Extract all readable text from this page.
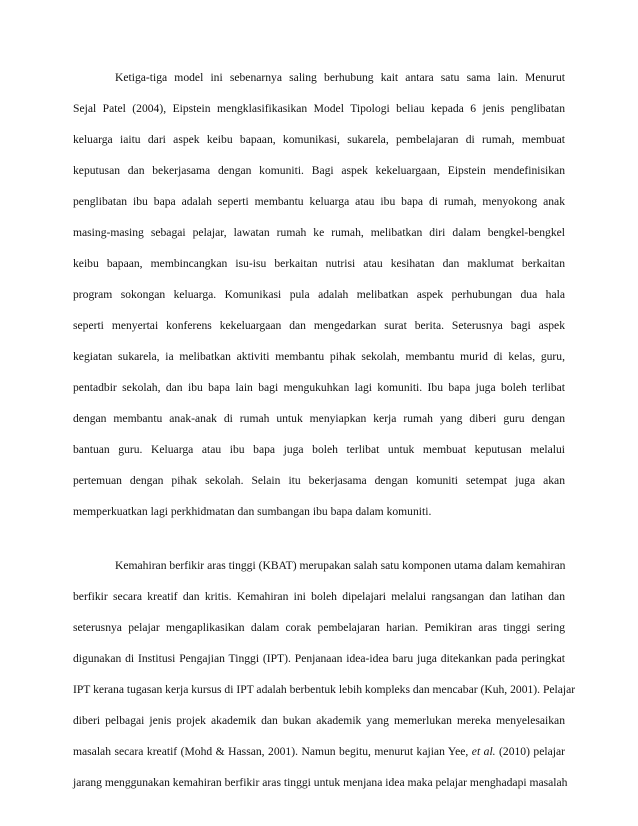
Ketiga-tiga model ini sebenarnya saling berhubung kait antara satu sama lain. Menurut
Sejal Patel (2004), Eipstein mengklasifikasikan Model Tipologi beliau kepada 6 jenis penglibatan
keluarga iaitu dari aspek keibu bapaan, komunikasi, sukarela, pembelajaran di rumah, membuat
keputusan dan bekerjasama dengan komuniti. Bagi aspek kekeluargaan, Eipstein mendefinisikan
penglibatan ibu bapa adalah seperti membantu keluarga atau ibu bapa di rumah, menyokong anak
masing-masing sebagai pelajar, lawatan rumah ke rumah, melibatkan diri dalam bengkel-bengkel
keibu bapaan, membincangkan isu-isu berkaitan nutrisi atau kesihatan dan maklumat berkaitan
program sokongan keluarga. Komunikasi pula adalah melibatkan aspek perhubungan dua hala
seperti menyertai konferens kekeluargaan dan mengedarkan surat berita. Seterusnya bagi aspek
kegiatan sukarela, ia melibatkan aktiviti membantu pihak sekolah, membantu murid di kelas, guru,
pentadbir sekolah, dan ibu bapa lain bagi mengukuhkan lagi komuniti. Ibu bapa juga boleh terlibat
dengan membantu anak-anak di rumah untuk menyiapkan kerja rumah yang diberi guru dengan
bantuan guru. Keluarga atau ibu bapa juga boleh terlibat untuk membuat keputusan melalui
pertemuan dengan pihak sekolah. Selain itu bekerjasama dengan komuniti setempat juga akan
memperkuatkan lagi perkhidmatan dan sumbangan ibu bapa dalam komuniti.
Kemahiran berfikir aras tinggi (KBAT) merupakan salah satu komponen utama dalam kemahiran
berfikir secara kreatif dan kritis. Kemahiran ini boleh dipelajari melalui rangsangan dan latihan dan
seterusnya pelajar mengaplikasikan dalam corak pembelajaran harian. Pemikiran aras tinggi sering
digunakan di Institusi Pengajian Tinggi (IPT). Penjanaan idea-idea baru juga ditekankan pada peringkat
IPT kerana tugasan kerja kursus di IPT adalah berbentuk lebih kompleks dan mencabar (Kuh, 2001). Pelajar
diberi pelbagai jenis projek akademik dan bukan akademik yang memerlukan mereka menyelesaikan
masalah secara kreatif (Mohd & Hassan, 2001). Namun begitu, menurut kajian Yee, et al. (2010) pelajar
jarang menggunakan kemahiran berfikir aras tinggi untuk menjana idea maka pelajar menghadapi masalah
